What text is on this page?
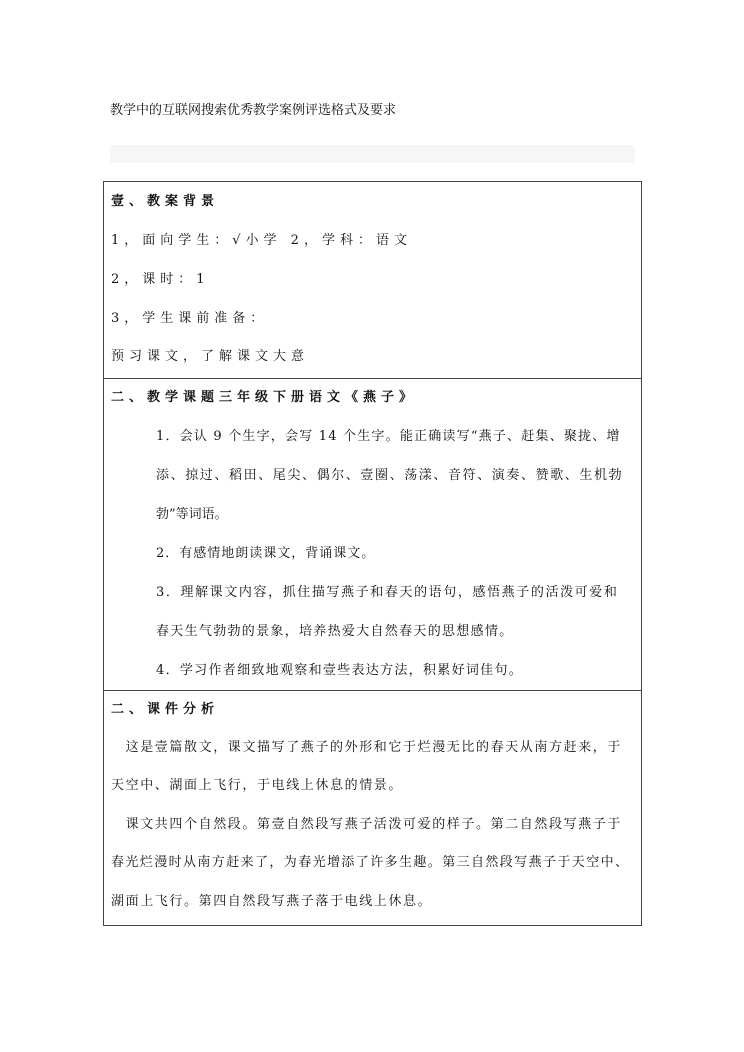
教学中的互联网搜索优秀教学案例评选格式及要求
壹、教案背景
1，面向学生：√小学 2，学科：语文
2，课时：1
3，学生课前准备：
预习课文，了解课文大意
二、教学课题三年级下册语文《燕子》
1．会认 9 个生字，会写 14 个生字。能正确读写“燕子、赶集、聚拢、增
添、掠过、稻田、尾尖、偶尔、壹圈、荡漾、音符、演奏、赞歌、生机勃
勃”等词语。
2．有感情地朗读课文，背诵课文。
3．理解课文内容，抓住描写燕子和春天的语句，感悟燕子的活泼可爱和
春天生气勃勃的景象，培养热爱大自然春天的思想感情。
4．学习作者细致地观察和壹些表达方法，积累好词佳句。
二、课件分析
　这是壹篇散文，课文描写了燕子的外形和它于烂漫无比的春天从南方赶来，于
天空中、湖面上飞行，于电线上休息的情景。
　课文共四个自然段。第壹自然段写燕子活泼可爱的样子。第二自然段写燕子于
春光烂漫时从南方赶来了，为春光增添了许多生趣。第三自然段写燕子于天空中、
湖面上飞行。第四自然段写燕子落于电线上休息。
